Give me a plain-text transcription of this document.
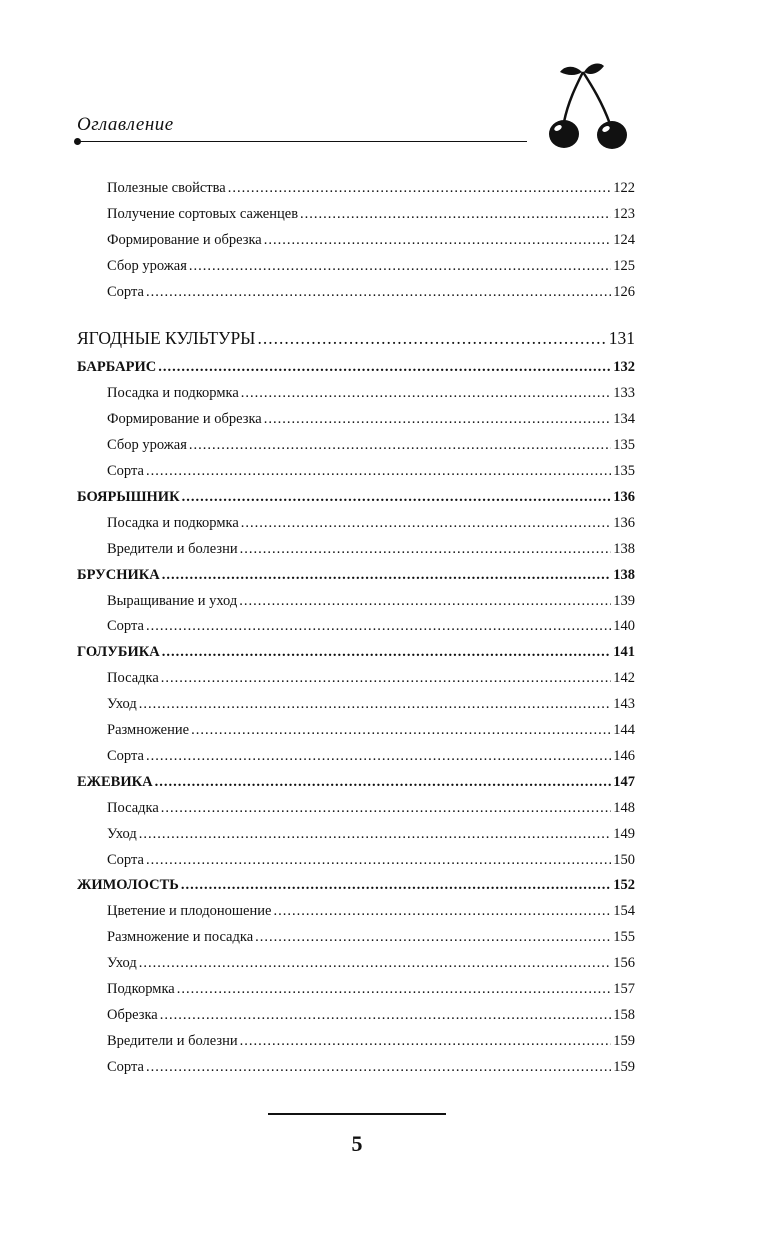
Оглавление
Полезные свойства .....	122
Получение сортовых саженцев .....	123
Формирование и обрезка .....	124
Сбор урожая .....	125
Сорта .....	126
ЯГОДНЫЕ КУЛЬТУРЫ .....	131
БАРБАРИС .....	132
Посадка и подкормка .....	133
Формирование и обрезка .....	134
Сбор урожая .....	135
Сорта .....	135
БОЯРЫШНИК .....	136
Посадка и подкормка .....	136
Вредители и болезни .....	138
БРУСНИКА .....	138
Выращивание и уход .....	139
Сорта .....	140
ГОЛУБИКА .....	141
Посадка .....	142
Уход .....	143
Размножение .....	144
Сорта .....	146
ЕЖЕВИКА .....	147
Посадка .....	148
Уход .....	149
Сорта .....	150
ЖИМОЛОСТЬ .....	152
Цветение и плодоношение .....	154
Размножение и посадка .....	155
Уход .....	156
Подкормка .....	157
Обрезка .....	158
Вредители и болезни .....	159
Сорта .....	159
5
